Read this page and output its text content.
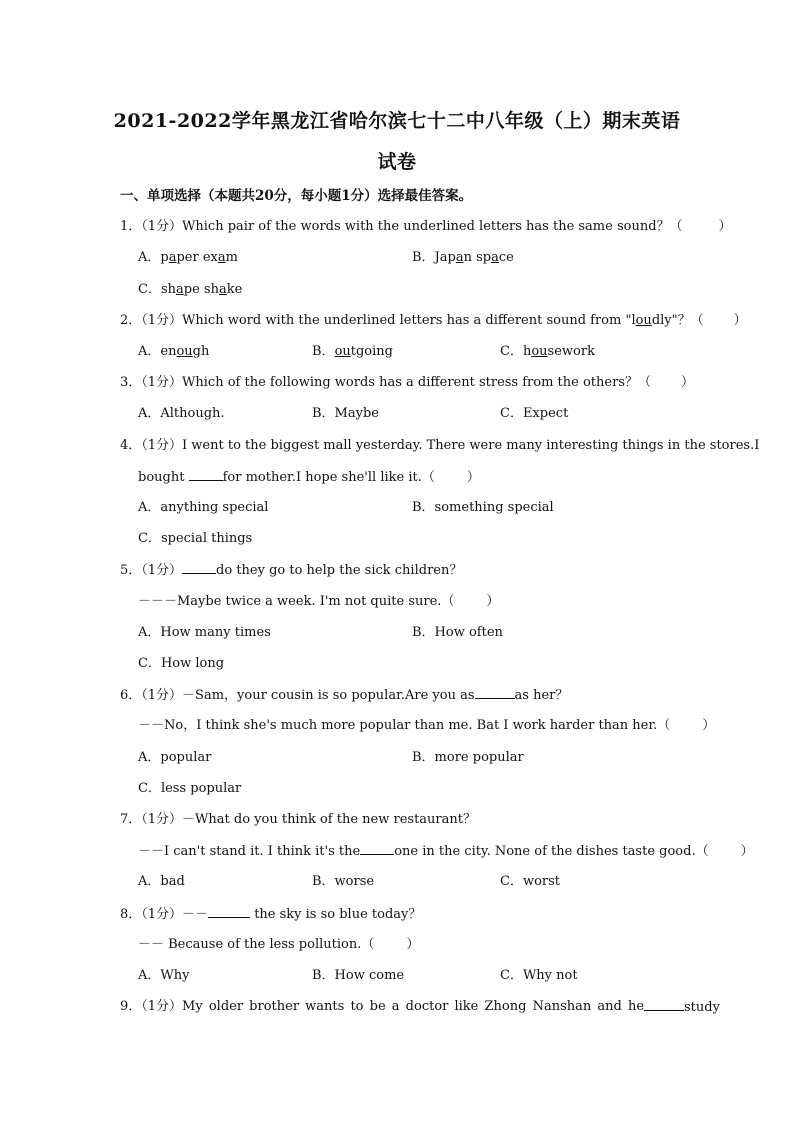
2021-2022学年黑龙江省哈尔滨七十二中八年级（上）期末英语
试卷
一、单项选择（本题共20分，每小题1分）选择最佳答案。
1．（1分）Which pair of the words with the underlined letters has the same sound？（	）
A．paper exam	B．Japan space
C．shape shake
2．（1分）Which word with the underlined letters has a different sound from "loudly"？（ ）
A．enough	B．outgoing	C．housework
3．（1分）Which of the following words has a different stress from the others？（ ）
A．Although.	B．Maybe	C．Expect
4．（1分）I went to the biggest mall yesterday. There were many interesting things in the stores.I
bought	for mother.I hope she'll like it.（ ）
A．anything special	B．something special
C．special things
5．（1分）	do they go to help the sick children？
－－－Maybe twice a week. I'm not quite sure.（ ）
A．How many times	B．How often
C．How long
6．（1分）－Sam，your cousin is so popular.Are you as	as her？
－－No，I think she's much more popular than me. Bat I work harder than her.（ ）
A．popular	B．more popular
C．less popular
7．（1分）－What do you think of the new restaurant？
－－I can't stand it. I think it's the	one in the city. None of the dishes taste good.（ ）
A．bad	B．worse	C．worst
8．（1分）－－	the sky is so blue today？
－－ Because of the less pollution.（ ）
A．Why	B．How come	C．Why not
9．（1分）My older brother wants to be a doctor like Zhong Nanshan and he	study
